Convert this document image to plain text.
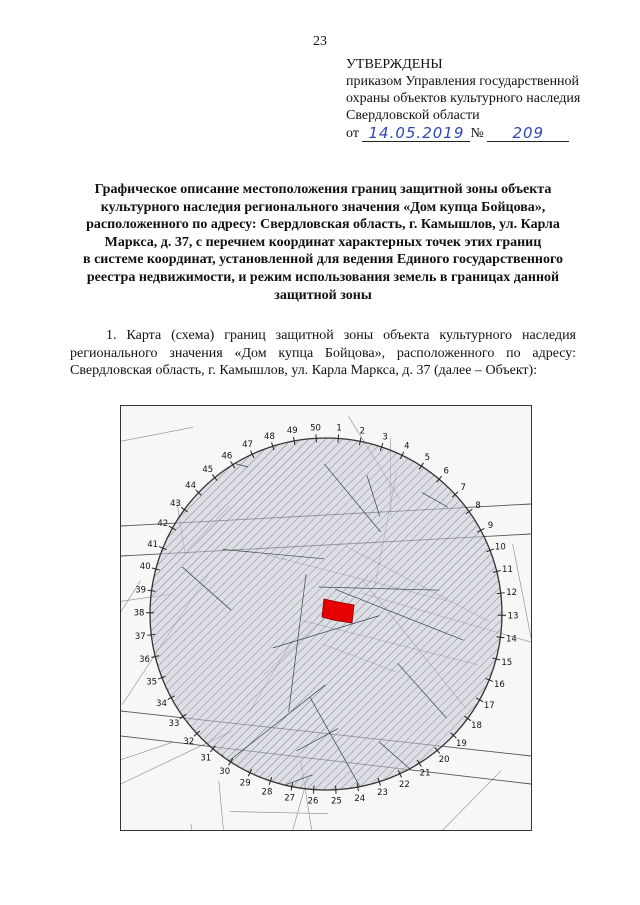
23
УТВЕРЖДЕНЫ
приказом Управления государственной
охраны объектов культурного наследия
Свердловской области
от
14.05.2019 №
	209
Графическое описание местоположения границ защитной зоны объекта
культурного наследия регионального значения «Дом купца Бойцова»,
расположенного по адресу: Свердловская область, г. Камышлов, ул. Карла
Маркса, д. 37, с перечнем координат характерных точек этих границ
в системе координат, установленной для ведения Единого государственного
реестра недвижимости, и режим использования земель в границах данной
защитной зоны
1. Карта (схема) границ защитной зоны объекта культурного наследия регионального значения «Дом купца Бойцова», расположенного по адресу: Свердловская область, г. Камышлов, ул. Карла Маркса, д. 37 (далее – Объект):
1 2
3
4
5
6
7
8
9
10
11
12
13
14
15
16
17
18
19
20
21
22
23
24
25
26
27
28
29
30
31
32
33
34
35
36
37
38
39
40
41
42
43
44
45
46
47
48
49 50
